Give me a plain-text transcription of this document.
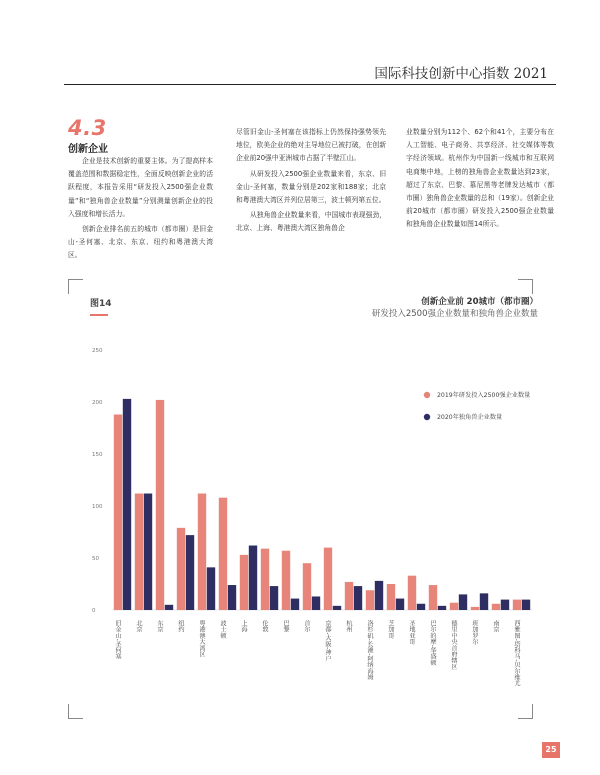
国际科技创新中心指数 2021
4.3
创新企业

企业是技术创新的重要主体。为了提高样本覆盖范围和数据稳定性，全面反映创新企业的活跃程度，本报告采用“研发投入2500强企业数量”和“独角兽企业数量”分别测量创新企业的投入强度和增长活力。

创新企业排名前五的城市（都市圈）是旧金山-圣何塞、北京、东京、纽约和粤港澳大湾区。

尽管旧金山-圣何塞在该指标上仍然保持强势领先地位，欧美企业的绝对主导地位已被打破，在创新企业前20强中亚洲城市占据了半壁江山。

从研发投入2500强企业数量来看，东京、旧金山-圣何塞，数量分别是202家和188家；北京和粤港澳大湾区并列位居第三，波士顿列第五位。

从独角兽企业数量来看，中国城市表现强劲，北京、上海、粤港澳大湾区独角兽企

业数量分别为112个、62个和41个，主要分布在人工智能、电子商务、共享经济、社交媒体等数字经济领域。杭州作为中国新一线城市和互联网电商集中地，上榜的独角兽企业数量达到23家，超过了东京、巴黎、慕尼黑等老牌发达城市（都市圈）独角兽企业数量的总和（19家）。创新企业前20城市（都市圈）研发投入2500强企业数量和独角兽企业数量如图14所示。

图14	创新企业前 20城市（都市圈）
研发投入2500强企业数量和独角兽企业数量
0
50
100
150
200
250
旧金山-圣何塞 北京 东京 纽约 粤港澳大湾区 波士顿 上海 伦敦 巴黎 首尔 京都-大阪-神户 杭州 洛杉矶-长滩-阿纳海姆 芝加哥 圣地亚哥 巴尔的摩-华盛顿 德里中央首府辖区 班加罗尔 南京 西雅图-塔科马-贝尔维尤
2019年研发投入2500强企业数量
2020年独角兽企业数量
25
